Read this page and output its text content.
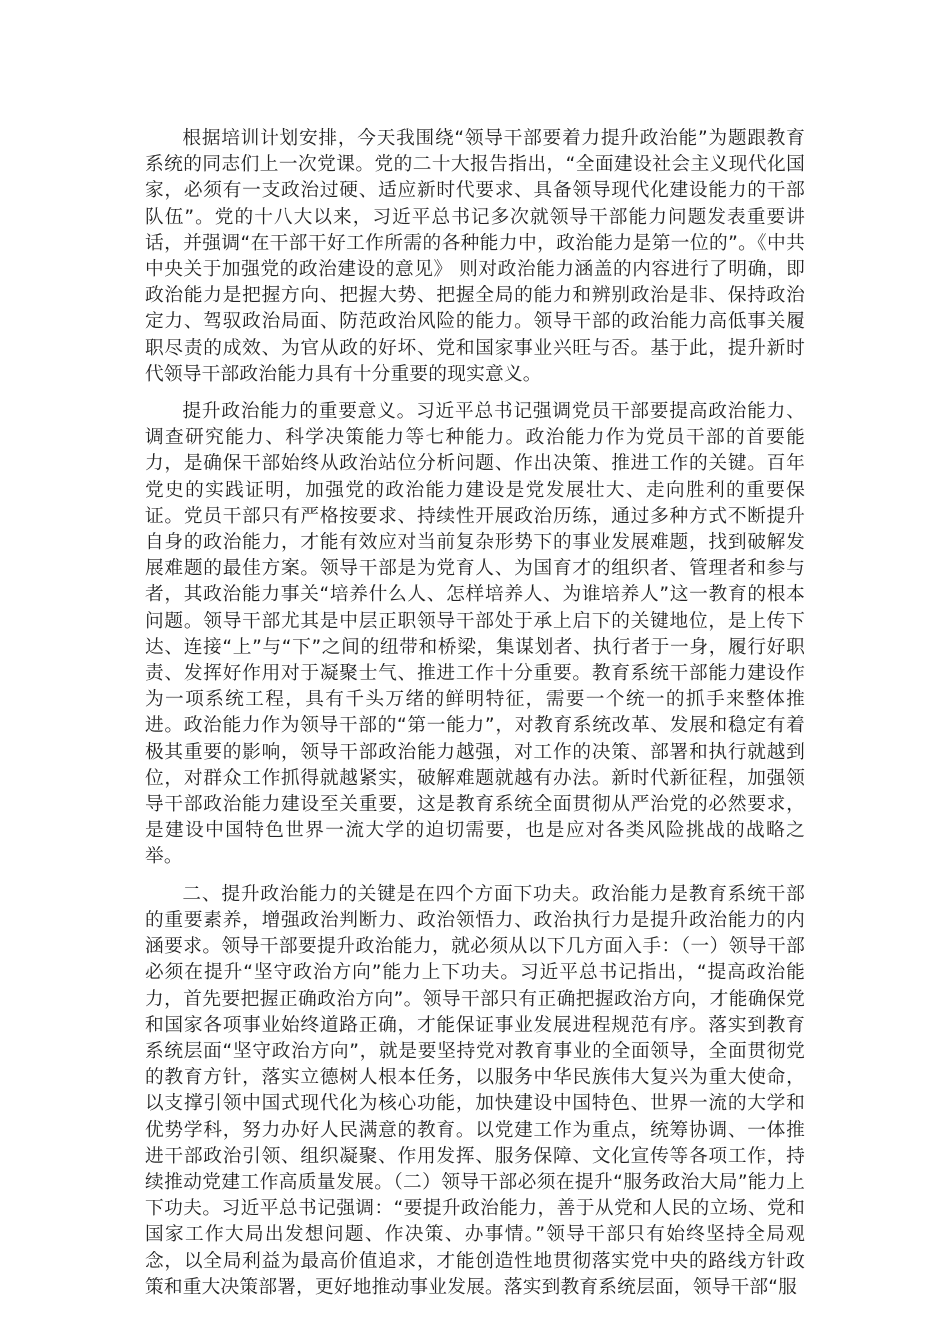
根据培训计划安排，今天我围绕“领导干部要着力提升政治能”为题跟教育系统的同志们上一次党课。党的二十大报告指出，“全面建设社会主义现代化国家，必须有一支政治过硬、适应新时代要求、具备领导现代化建设能力的干部队伍”。党的十八大以来，习近平总书记多次就领导干部能力问题发表重要讲话，并强调“在干部干好工作所需的各种能力中，政治能力是第一位的”。《中共中央关于加强党的政治建设的意见》 则对政治能力涵盖的内容进行了明确，即政治能力是把握方向、把握大势、把握全局的能力和辨别政治是非、保持政治定力、驾驭政治局面、防范政治风险的能力。领导干部的政治能力高低事关履职尽责的成效、为官从政的好坏、党和国家事业兴旺与否。基于此，提升新时代领导干部政治能力具有十分重要的现实意义。

提升政治能力的重要意义。习近平总书记强调党员干部要提高政治能力、调查研究能力、科学决策能力等七种能力。政治能力作为党员干部的首要能力，是确保干部始终从政治站位分析问题、作出决策、推进工作的关键。百年党史的实践证明，加强党的政治能力建设是党发展壮大、走向胜利的重要保证。党员干部只有严格按要求、持续性开展政治历练，通过多种方式不断提升自身的政治能力，才能有效应对当前复杂形势下的事业发展难题，找到破解发展难题的最佳方案。领导干部是为党育人、为国育才的组织者、管理者和参与者，其政治能力事关“培养什么人、怎样培养人、为谁培养人”这一教育的根本问题。领导干部尤其是中层正职领导干部处于承上启下的关键地位，是上传下达、连接“上”与“下”之间的纽带和桥梁，集谋划者、执行者于一身，履行好职责、发挥好作用对于凝聚士气、推进工作十分重要。教育系统干部能力建设作为一项系统工程，具有千头万绪的鲜明特征，需要一个统一的抓手来整体推进。政治能力作为领导干部的“第一能力”，对教育系统改革、发展和稳定有着极其重要的影响，领导干部政治能力越强，对工作的决策、部署和执行就越到位，对群众工作抓得就越紧实，破解难题就越有办法。新时代新征程，加强领导干部政治能力建设至关重要，这是教育系统全面贯彻从严治党的必然要求，是建设中国特色世界一流大学的迫切需要，也是应对各类风险挑战的战略之举。

二、提升政治能力的关键是在四个方面下功夫。政治能力是教育系统干部的重要素养，增强政治判断力、政治领悟力、政治执行力是提升政治能力的内涵要求。领导干部要提升政治能力，就必须从以下几方面入手：（一）领导干部必须在提升“坚守政治方向”能力上下功夫。习近平总书记指出，“提高政治能力，首先要把握正确政治方向”。领导干部只有正确把握政治方向，才能确保党和国家各项事业始终道路正确，才能保证事业发展进程规范有序。落实到教育系统层面“坚守政治方向”，就是要坚持党对教育事业的全面领导，全面贯彻党的教育方针，落实立德树人根本任务，以服务中华民族伟大复兴为重大使命，以支撑引领中国式现代化为核心功能，加快建设中国特色、世界一流的大学和优势学科，努力办好人民满意的教育。以党建工作为重点，统筹协调、一体推进干部政治引领、组织凝聚、作用发挥、服务保障、文化宣传等各项工作，持续推动党建工作高质量发展。（二）领导干部必须在提升“服务政治大局”能力上下功夫。习近平总书记强调：“要提升政治能力，善于从党和人民的立场、党和国家工作大局出发想问题、作决策、办事情。”领导干部只有始终坚持全局观念，以全局利益为最高价值追求，才能创造性地贯彻落实党中央的路线方针政策和重大决策部署，更好地推动事业发展。落实到教育系统层面，领导干部“服
